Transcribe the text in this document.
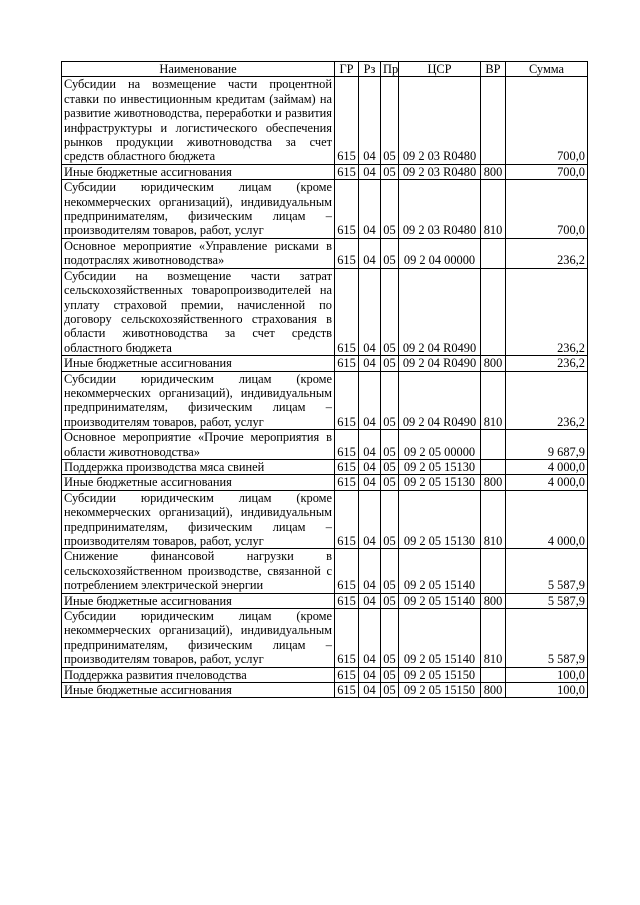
Наименование	ГР	Рз	Пр	ЦСР	ВР	Сумма
Субсидии на возмещение части процентной ставки по инвестиционным кредитам (займам) на развитие животноводства, переработки и развития инфраструктуры и логистического обеспечения рынков продукции животноводства за счет средств областного бюджета	615	04	05	09 2 03 R0480		700,0
Иные бюджетные ассигнования	615	04	05	09 2 03 R0480	800	700,0
Субсидии юридическим лицам (кроме некоммерческих организаций), индивидуальным предпринимателям, физическим лицам – производителям товаров, работ, услуг	615	04	05	09 2 03 R0480	810	700,0
Основное мероприятие «Управление рисками в подотраслях животноводства»	615	04	05	09 2 04 00000		236,2
Субсидии на возмещение части затрат сельскохозяйственных товаропроизводителей на уплату страховой премии, начисленной по договору сельскохозяйственного страхования в области животноводства за счет средств областного бюджета	615	04	05	09 2 04 R0490		236,2
Иные бюджетные ассигнования	615	04	05	09 2 04 R0490	800	236,2
Субсидии юридическим лицам (кроме некоммерческих организаций), индивидуальным предпринимателям, физическим лицам – производителям товаров, работ, услуг	615	04	05	09 2 04 R0490	810	236,2
Основное мероприятие «Прочие мероприятия в области животноводства»	615	04	05	09 2 05 00000		9 687,9
Поддержка производства мяса свиней	615	04	05	09 2 05 15130		4 000,0
Иные бюджетные ассигнования	615	04	05	09 2 05 15130	800	4 000,0
Субсидии юридическим лицам (кроме некоммерческих организаций), индивидуальным предпринимателям, физическим лицам – производителям товаров, работ, услуг	615	04	05	09 2 05 15130	810	4 000,0
Снижение финансовой нагрузки в сельскохозяйственном производстве, связанной с потреблением электрической энергии	615	04	05	09 2 05 15140		5 587,9
Иные бюджетные ассигнования	615	04	05	09 2 05 15140	800	5 587,9
Субсидии юридическим лицам (кроме некоммерческих организаций), индивидуальным предпринимателям, физическим лицам – производителям товаров, работ, услуг	615	04	05	09 2 05 15140	810	5 587,9
Поддержка развития пчеловодства	615	04	05	09 2 05 15150		100,0
Иные бюджетные ассигнования	615	04	05	09 2 05 15150	800	100,0
